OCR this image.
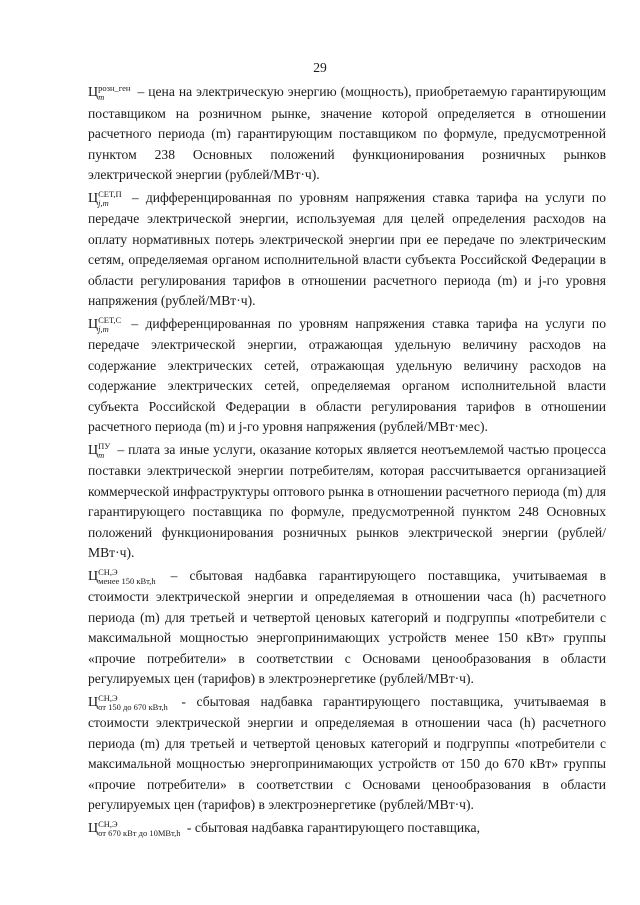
29

Ц розн_ген
m	– цена на электрическую энергию (мощность), приобретаемую гарантирующим поставщиком на розничном рынке, значение которой определяется в отношении расчетного периода (m) гарантирующим поставщиком по формуле, предусмотренной пунктом 238 Основных положений функционирования розничных рынков электрической энергии (рублей/МВт·ч).

Ц СЕТ,П
j,m	– дифференцированная по уровням напряжения ставка тарифа на услуги по передаче электрической энергии, используемая для целей определения расходов на оплату нормативных потерь электрической энергии при ее передаче по электрическим сетям, определяемая органом исполнительной власти субъекта Российской Федерации в области регулирования тарифов в отношении расчетного периода (m) и j-го уровня напряжения (рублей/МВт·ч).

Ц СЕТ,С
j,m	– дифференцированная по уровням напряжения ставка тарифа на услуги по передаче электрической энергии, отражающая удельную величину расходов на содержание электрических сетей, отражающая удельную величину расходов на содержание электрических сетей, определяемая органом исполнительной власти субъекта Российской Федерации в области регулирования тарифов в отношении расчетного периода (m) и j-го уровня напряжения (рублей/МВт·мес).

Ц ПУ
m – плата за иные услуги, оказание которых является неотъемлемой частью процесса поставки электрической энергии потребителям, которая рассчитывается организацией коммерческой инфраструктуры оптового рынка в отношении расчетного периода (m) для гарантирующего поставщика по формуле, предусмотренной пунктом 248 Основных положений функционирования розничных рынков электрической энергии (рублей/МВт·ч).

Ц СН,Э
менее 150 кВт,h – сбытовая надбавка гарантирующего поставщика, учитываемая в стоимости электрической энергии и определяемая в отношении часа (h) расчетного периода (m) для третьей и четвертой ценовых категорий и подгруппы «потребители с максимальной мощностью энергопринимающих устройств менее 150 кВт» группы «прочие потребители» в соответствии с Основами ценообразования в области регулируемых цен (тарифов) в электроэнергетике (рублей/МВт·ч).

Ц СН,Э
от 150 до 670 кВт,h - сбытовая надбавка гарантирующего поставщика, учитываемая в стоимости электрической энергии и определяемая в отношении часа (h) расчетного периода (m) для третьей и четвертой ценовых категорий и подгруппы «потребители с максимальной мощностью энергопринимающих устройств от 150 до 670 кВт» группы «прочие потребители» в соответствии с Основами ценообразования в области регулируемых цен (тарифов) в электроэнергетике (рублей/МВт·ч).

Ц СН,Э
от 670 кВт до 10МВт,h - сбытовая надбавка гарантирующего поставщика,
